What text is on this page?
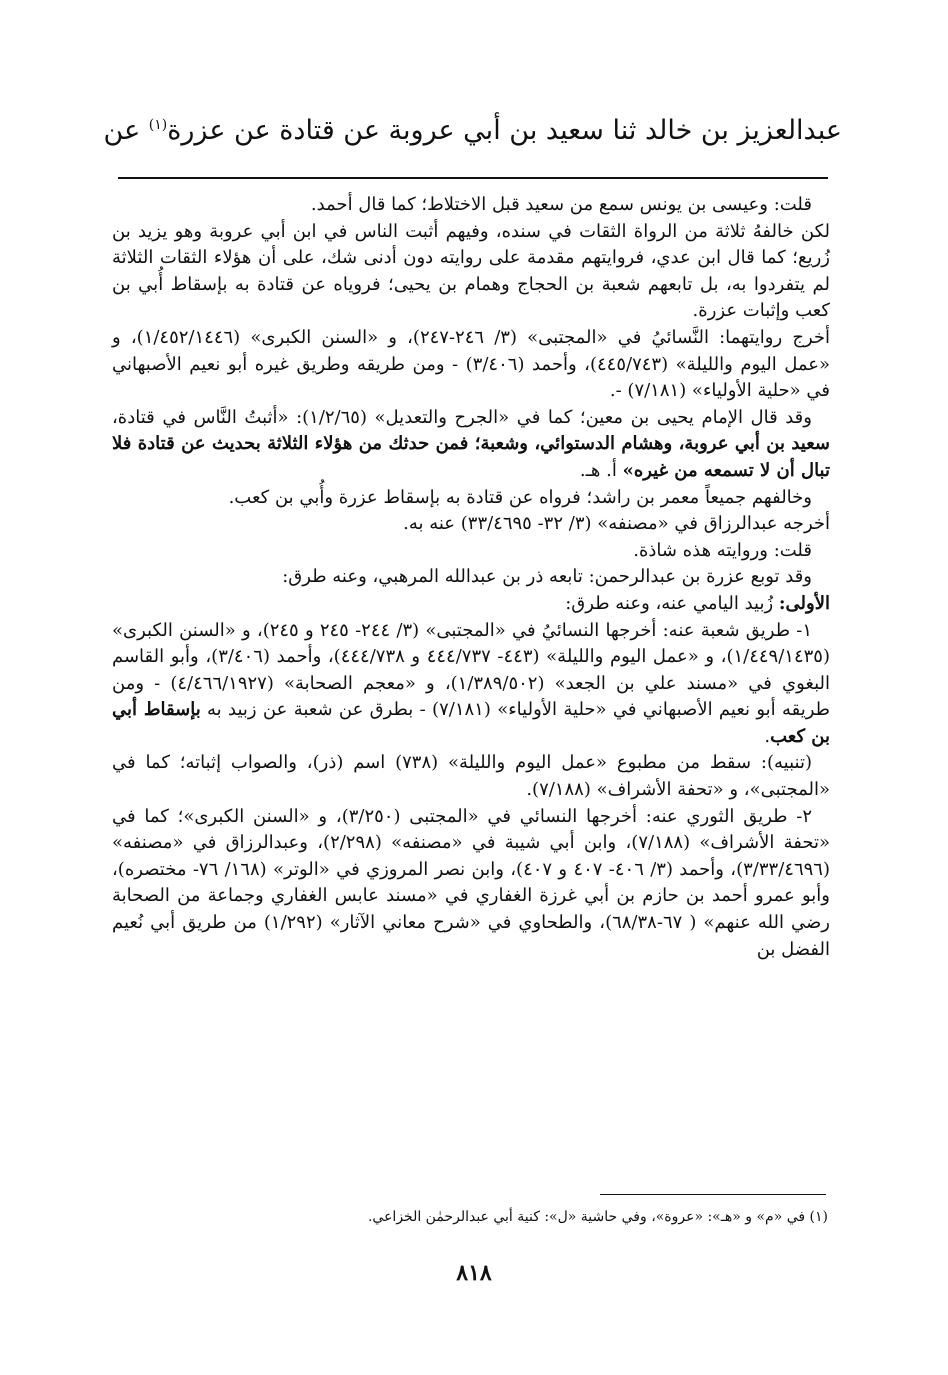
عبدالعزيز بن خالد ثنا سعيد بن أبي عروبة عن قتادة عن عزرة$^{(١)}$ عن

قلت: وعيسى بن يونس سمع من سعيد قبل الاختلاط؛ كما قال أحمد.

لكن خالفهُ ثلاثة من الرواة الثقات في سنده، وفيهم أثبت الناس في ابن أبي عروبة وهو يزيد بن زُريع؛ كما قال ابن عدي، فروايتهم مقدمة على روايته دون أدنى شك، على أن هؤلاء الثقات الثلاثة لم يتفردوا به، بل تابعهم شعبة بن الحجاج وهمام بن يحيى؛ فروياه عن قتادة به بإسقاط أُبي بن كعب وإثبات عزرة.

أخرج روايتهما: النَّسائيُ في «المجتبى» (٣/ ٢٤٦-٢٤٧)، و «السنن الكبرى» (١/٤٥٢/١٤٤٦)، و «عمل اليوم والليلة» (٤٤٥/٧٤٣)، وأحمد (٣/٤٠٦) - ومن طريقه وطريق غيره أبو نعيم الأصبهاني في «حلية الأولياء» (٧/١٨١) -.

وقد قال الإمام يحيى بن معين؛ كما في «الجرح والتعديل» (١/٢/٦٥): «أثبتُ النَّاس في قتادة، سعيد بن أبي عروبة، وهشام الدستوائي، وشعبة؛ فمن حدثك من هؤلاء الثلاثة بحديث عن قتادة فلا تبال أن لا تسمعه من غيره» أ. هـ.

وخالفهم جميعاً معمر بن راشد؛ فرواه عن قتادة به بإسقاط عزرة وأُبي بن كعب.

أخرجه عبدالرزاق في «مصنفه» (٣/ ٣٢- ٣٣/٤٦٩٥) عنه به.

قلت: وروايته هذه شاذة.

وقد توبع عزرة بن عبدالرحمن: تابعه ذر بن عبدالله المرهبي، وعنه طرق:

الأولى: زُبيد اليامي عنه، وعنه طرق:

١- طريق شعبة عنه: أخرجها النسائيُ في «المجتبى» (٣/ ٢٤٤- ٢٤٥ و ٢٤٥)، و «السنن الكبرى» (١/٤٤٩/١٤٣٥)، و «عمل اليوم والليلة» (٤٤٣- ٤٤٤/٧٣٧ و ٤٤٤/٧٣٨)، وأحمد (٣/٤٠٦)، وأبو القاسم البغوي في «مسند علي بن الجعد» (١/٣٨٩/٥٠٢)، و «معجم الصحابة» (٤/٤٦٦/١٩٢٧) - ومن طريقه أبو نعيم الأصبهاني في «حلية الأولياء» (٧/١٨١) - بطرق عن شعبة عن زبيد به بإسقاط أبي بن كعب.

(تنبيه): سقط من مطبوع «عمل اليوم والليلة» (٧٣٨) اسم (ذر)، والصواب إثباته؛ كما في «المجتبى»، و «تحفة الأشراف» (٧/١٨٨).

٢- طريق الثوري عنه: أخرجها النسائي في «المجتبى (٣/٢٥٠)، و «السنن الكبرى»؛ كما في «تحفة الأشراف» (٧/١٨٨)، وابن أبي شيبة في «مصنفه» (٢/٢٩٨)، وعبدالرزاق في «مصنفه» (٣/٣٣/٤٦٩٦)، وأحمد (٣/ ٤٠٦- ٤٠٧ و ٤٠٧)، وابن نصر المروزي في «الوتر» (١٦٨/ ٧٦- مختصره)، وأبو عمرو أحمد بن حازم بن أبي غرزة الغفاري في «مسند عابس الغفاري وجماعة من الصحابة رضي الله عنهم» ( ٦٧-٦٨/٣٨)، والطحاوي في «شرح معاني الآثار» (١/٢٩٢) من طريق أبي نُعيم الفضل بن

(١) في «م» و «هـ»: «عروة»، وفي حاشية «ل»: كنية أبي عبدالرحمٰن الخزاعي.
٨١٨
